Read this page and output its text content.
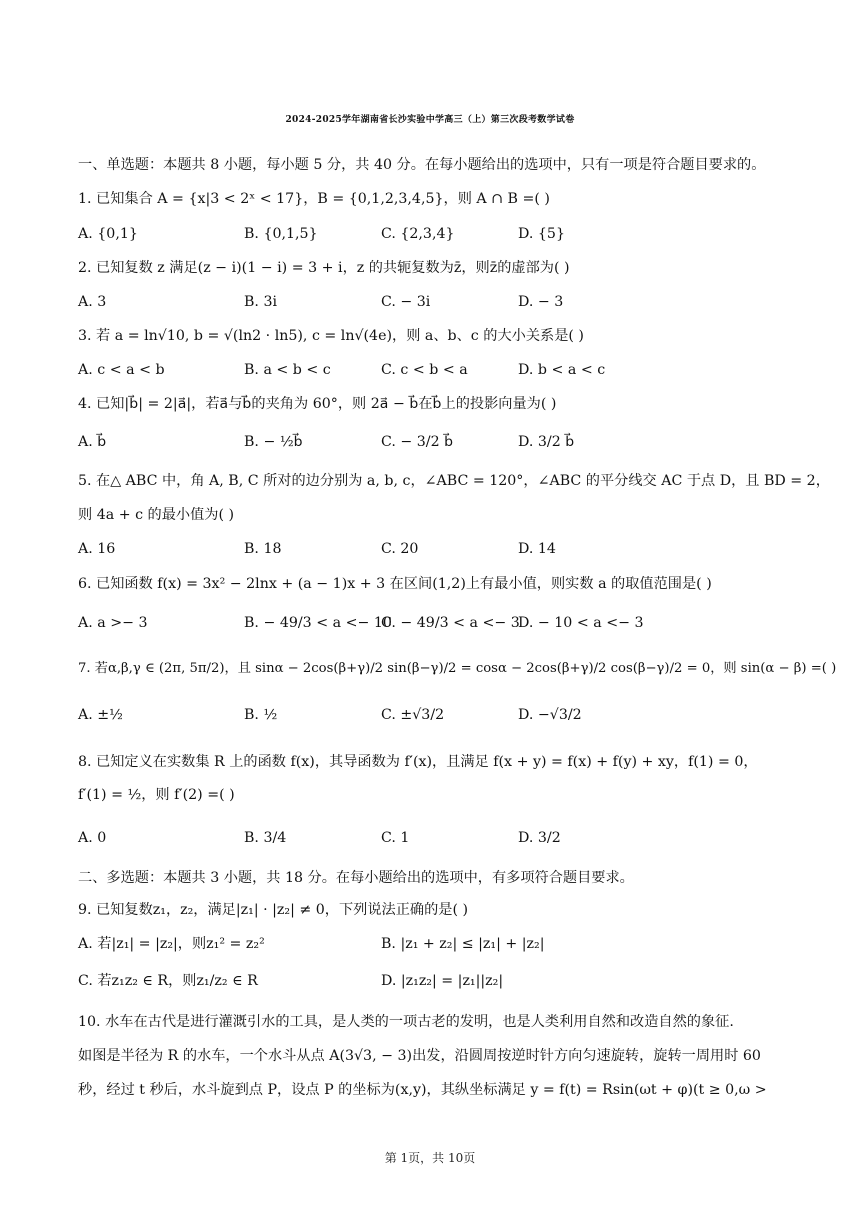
2024-2025学年湖南省长沙实验中学高三（上）第三次段考数学试卷
一、单选题：本题共 8 小题，每小题 5 分，共 40 分。在每小题给出的选项中，只有一项是符合题目要求的。
1. 已知集合 A = {x|3 < 2ˣ < 17}，B = {0,1,2,3,4,5}，则 A ∩ B =( )
A. {0,1}	B. {0,1,5}	C. {2,3,4}	D. {5}
2. 已知复数 z 满足(z − i)(1 − i) = 3 + i，z 的共轭复数为z̄，则z̄的虚部为( )
A. 3	B. 3i	C. − 3i	D. − 3
3. 若 a = ln√10, b = √(ln2 · ln5), c = ln√(4e)，则 a、b、c 的大小关系是( )
A. c < a < b	B. a < b < c	C. c < b < a	D. b < a < c
4. 已知|b⃗| = 2|a⃗|，若a⃗与b⃗的夹角为 60°，则 2a⃗ − b⃗在b⃗上的投影向量为( )
A. b⃗	B. − ½b⃗	C. − 3/2 b⃗	D. 3/2 b⃗
5. 在△ ABC 中，角 A, B, C 所对的边分别为 a, b, c，∠ABC = 120°，∠ABC 的平分线交 AC 于点 D，且 BD = 2，
则 4a + c 的最小值为( )
A. 16	B. 18	C. 20	D. 14
6. 已知函数 f(x) = 3x² − 2lnx + (a − 1)x + 3 在区间(1,2)上有最小值，则实数 a 的取值范围是( )
A. a >− 3	B. − 49/3 < a <− 10
C. − 49/3 < a <− 3
D. − 10 < a <− 3
7. 若α,β,γ ∈ (2π, 5π/2)，且 sinα − 2cos(β+γ)/2 sin(β−γ)/2 = cosα − 2cos(β+γ)/2 cos(β−γ)/2 = 0，则 sin(α − β) =( )
A. ±½	B. ½	C. ±√3/2	D. −√3/2
8. 已知定义在实数集 R 上的函数 f(x)，其导函数为 f′(x)，且满足 f(x + y) = f(x) + f(y) + xy，f(1) = 0，
f′(1) = ½，则 f′(2) =( )
A. 0	B. 3/4	C. 1	D. 3/2
二、多选题：本题共 3 小题，共 18 分。在每小题给出的选项中，有多项符合题目要求。
9. 已知复数z₁，z₂，满足|z₁| · |z₂| ≠ 0，下列说法正确的是( )
A. 若|z₁| = |z₂|，则z₁² = z₂²	B. |z₁ + z₂| ≤ |z₁| + |z₂|
C. 若z₁z₂ ∈ R，则z₁/z₂ ∈ R	D. |z₁z₂| = |z₁||z₂|
10. 水车在古代是进行灌溉引水的工具，是人类的一项古老的发明，也是人类利用自然和改造自然的象征.
如图是半径为 R 的水车，一个水斗从点 A(3√3, − 3)出发，沿圆周按逆时针方向匀速旋转，旋转一周用时 60
秒，经过 t 秒后，水斗旋到点 P，设点 P 的坐标为(x,y)，其纵坐标满足 y = f(t) = Rsin(ωt + φ)(t ≥ 0,ω >
第 1页，共 10页
